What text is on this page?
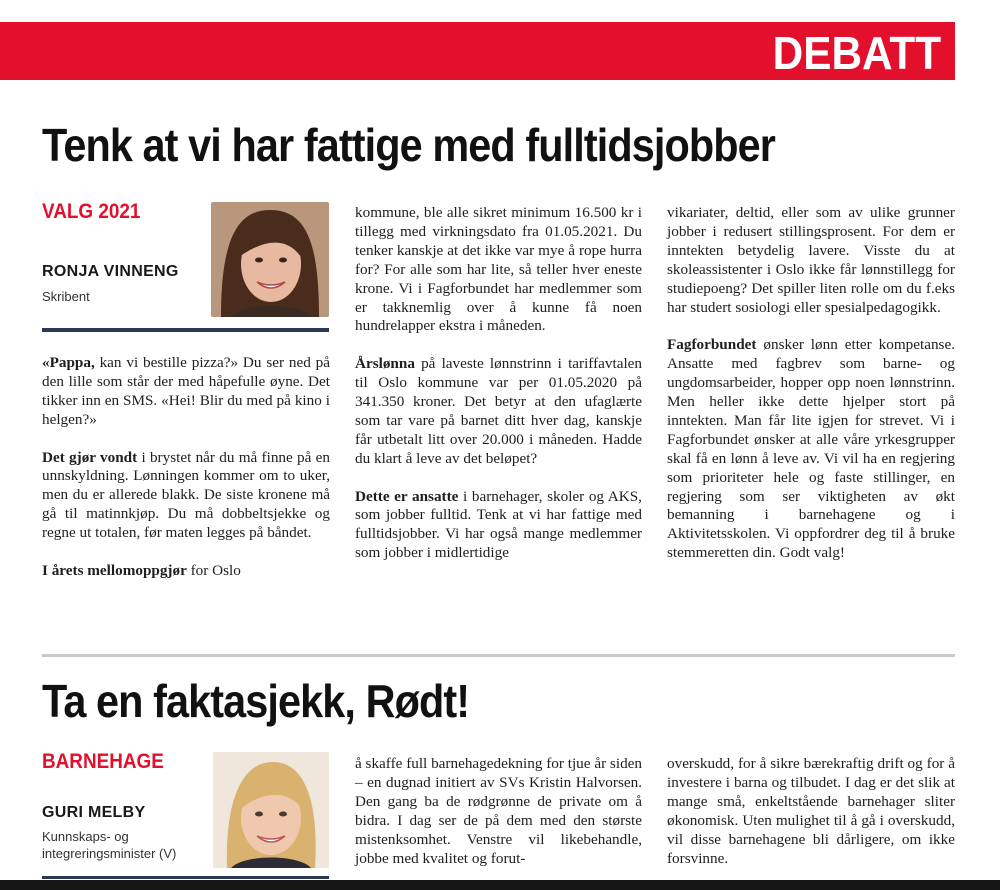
DEBATT
Tenk at vi har fattige med fulltidsjobber
VALG 2021
RONJA VINNENG
Skribent

«Pappa, kan vi bestille pizza?» Du ser ned på den lille som står der med håpefulle øyne. Det tikker inn en SMS. «Hei! Blir du med på kino i helgen?»

Det gjør vondt i brystet når du må finne på en unnskyldning. Lønningen kommer om to uker, men du er allerede blakk. De siste kronene må gå til matinnkjøp. Du må dobbeltsjekke og regne ut totalen, før maten legges på båndet.

I årets mellomoppgjør for Oslo

kommune, ble alle sikret minimum 16.500 kr i tillegg med virkningsdato fra 01.05.2021. Du tenker kanskje at det ikke var mye å rope hurra for? For alle som har lite, så teller hver eneste krone. Vi i Fagforbundet har medlemmer som er takknemlig over å kunne få noen hundrelapper ekstra i måneden.

Årslønna på laveste lønnstrinn i tariffavtalen til Oslo kommune var per 01.05.2020 på 341.350 kroner. Det betyr at den ufaglærte som tar vare på barnet ditt hver dag, kanskje får utbetalt litt over 20.000 i måneden. Hadde du klart å leve av det beløpet?

Dette er ansatte i barnehager, skoler og AKS, som jobber fulltid. Tenk at vi har fattige med fulltidsjobber. Vi har også mange medlemmer som jobber i midlertidige

vikariater, deltid, eller som av ulike grunner jobber i redusert stillingsprosent. For dem er inntekten betydelig lavere. Visste du at skoleassistenter i Oslo ikke får lønnstillegg for studiepoeng? Det spiller liten rolle om du f.eks har studert sosiologi eller spesialpedagogikk.

Fagforbundet ønsker lønn etter kompetanse. Ansatte med fagbrev som barne- og ungdomsarbeider, hopper opp noen lønnstrinn. Men heller ikke dette hjelper stort på inntekten. Man får lite igjen for strevet. Vi i Fagforbundet ønsker at alle våre yrkesgrupper skal få en lønn å leve av. Vi vil ha en regjering som prioriteter hele og faste stillinger, en regjering som ser viktigheten av økt bemanning i barnehagene og i Aktivitetsskolen. Vi oppfordrer deg til å bruke stemmeretten din. Godt valg!

Ta en faktasjekk, Rødt!
BARNEHAGE
GURI MELBY
Kunnskaps- og integreringsminister (V)

å skaffe full barnehagedekning for tjue år siden – en dugnad initiert av SVs Kristin Halvorsen. Den gang ba de rødgrønne de private om å bidra. I dag ser de på dem med den største mistenksomhet. Venstre vil likebehandle, jobbe med kvalitet og forut-

overskudd, for å sikre bærekraftig drift og for å investere i barna og tilbudet. I dag er det slik at mange små, enkeltstående barnehager sliter økonomisk. Uten mulighet til å gå i overskudd, vil disse barnehagene bli dårligere, om ikke forsvinne.
